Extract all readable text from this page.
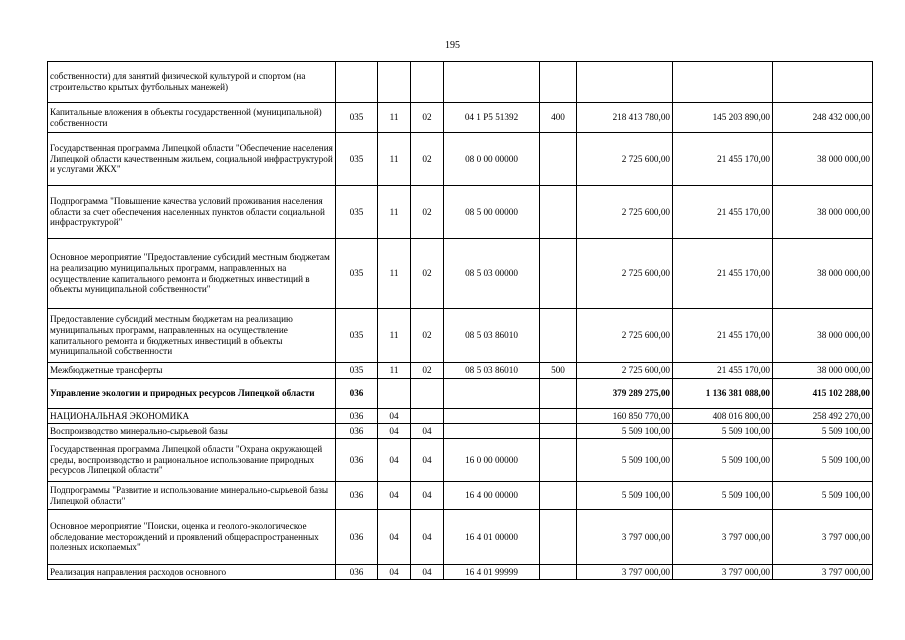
195
собственности) для занятий физической культурой и спортом (на строительство крытых футбольных манежей)								
Капитальные вложения в объекты государственной (муниципальной) собственности	035	11	02	04 1 P5 51392	400	218 413 780,00	145 203 890,00	248 432 000,00
Государственная программа Липецкой области "Обеспечение населения Липецкой области качественным жильем, социальной инфраструктурой и услугами ЖКХ"	035	11	02	08 0 00 00000		2 725 600,00	21 455 170,00	38 000 000,00
Подпрограмма "Повышение качества условий проживания населения области за счет обеспечения населенных пунктов области социальной инфраструктурой"	035	11	02	08 5 00 00000		2 725 600,00	21 455 170,00	38 000 000,00
Основное мероприятие "Предоставление субсидий местным бюджетам на реализацию муниципальных программ, направленных на осуществление капитального ремонта и бюджетных инвестиций в объекты муниципальной собственности"	035	11	02	08 5 03 00000		2 725 600,00	21 455 170,00	38 000 000,00
Предоставление субсидий местным бюджетам на реализацию муниципальных программ, направленных на осуществление капитального ремонта и бюджетных инвестиций в объекты муниципальной собственности	035	11	02	08 5 03 86010		2 725 600,00	21 455 170,00	38 000 000,00
Межбюджетные трансферты	035	11	02	08 5 03 86010	500	2 725 600,00	21 455 170,00	38 000 000,00
Управление экологии и природных ресурсов Липецкой области	036					379 289 275,00	1 136 381 088,00	415 102 288,00
НАЦИОНАЛЬНАЯ ЭКОНОМИКА	036	04				160 850 770,00	408 016 800,00	258 492 270,00
Воспроизводство минерально-сырьевой базы	036	04	04			5 509 100,00	5 509 100,00	5 509 100,00
Государственная программа Липецкой области "Охрана окружающей среды, воспроизводство и рациональное использование природных ресурсов Липецкой области"	036	04	04	16 0 00 00000		5 509 100,00	5 509 100,00	5 509 100,00
Подпрограммы "Развитие и использование минерально-сырьевой базы Липецкой области"	036	04	04	16 4 00 00000		5 509 100,00	5 509 100,00	5 509 100,00
Основное мероприятие "Поиски, оценка и геолого-экологическое обследование месторождений и проявлений общераспространенных полезных ископаемых"	036	04	04	16 4 01 00000		3 797 000,00	3 797 000,00	3 797 000,00
Реализация направления расходов основного	036	04	04	16 4 01 99999		3 797 000,00	3 797 000,00	3 797 000,00
